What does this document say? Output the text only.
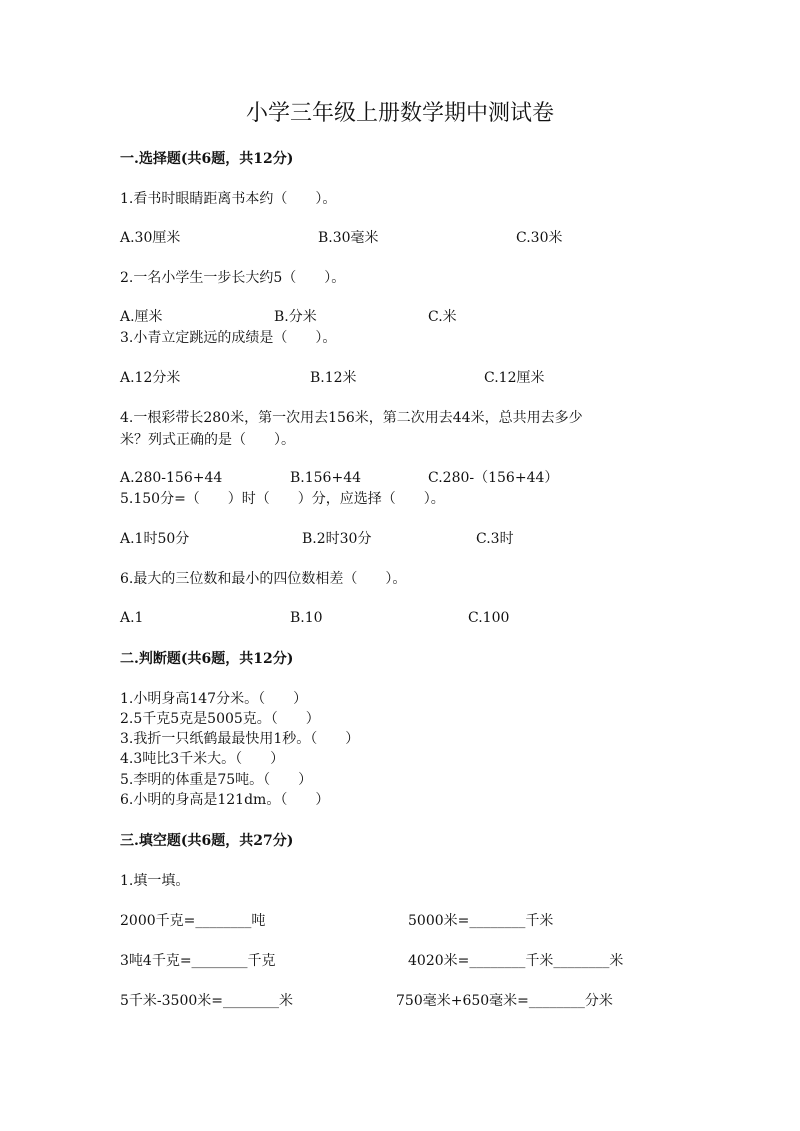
小学三年级上册数学期中测试卷
一.选择题(共6题，共12分)
1.看书时眼睛距离书本约（　　）。
A.30厘米	B.30毫米	C.30米
2.一名小学生一步长大约5（　　）。
A.厘米	B.分米	C.米
3.小青立定跳远的成绩是（　　）。
A.12分米	B.12米	C.12厘米
4.一根彩带长280米，第一次用去156米，第二次用去44米，总共用去多少
米？列式正确的是（　　）。
A.280-156+44	B.156+44	C.280-（156+44）
5.150分=（　　）时（　　）分，应选择（　　）。
A.1时50分	B.2时30分	C.3时
6.最大的三位数和最小的四位数相差（　　）。
A.1	B.10	C.100
二.判断题(共6题，共12分)
1.小明身高147分米。（　　）
2.5千克5克是5005克。（　　）
3.我折一只纸鹤最最快用1秒。（　　）
4.3吨比3千米大。（　　）
5.李明的体重是75吨。（　　）
6.小明的身高是121dm。（　　）
三.填空题(共6题，共27分)
1.填一填。
2000千克=________吨	5000米=________千米
3吨4千克=________千克	4020米=________千米________米
5千米-3500米=________米	750毫米+650毫米=________分米
